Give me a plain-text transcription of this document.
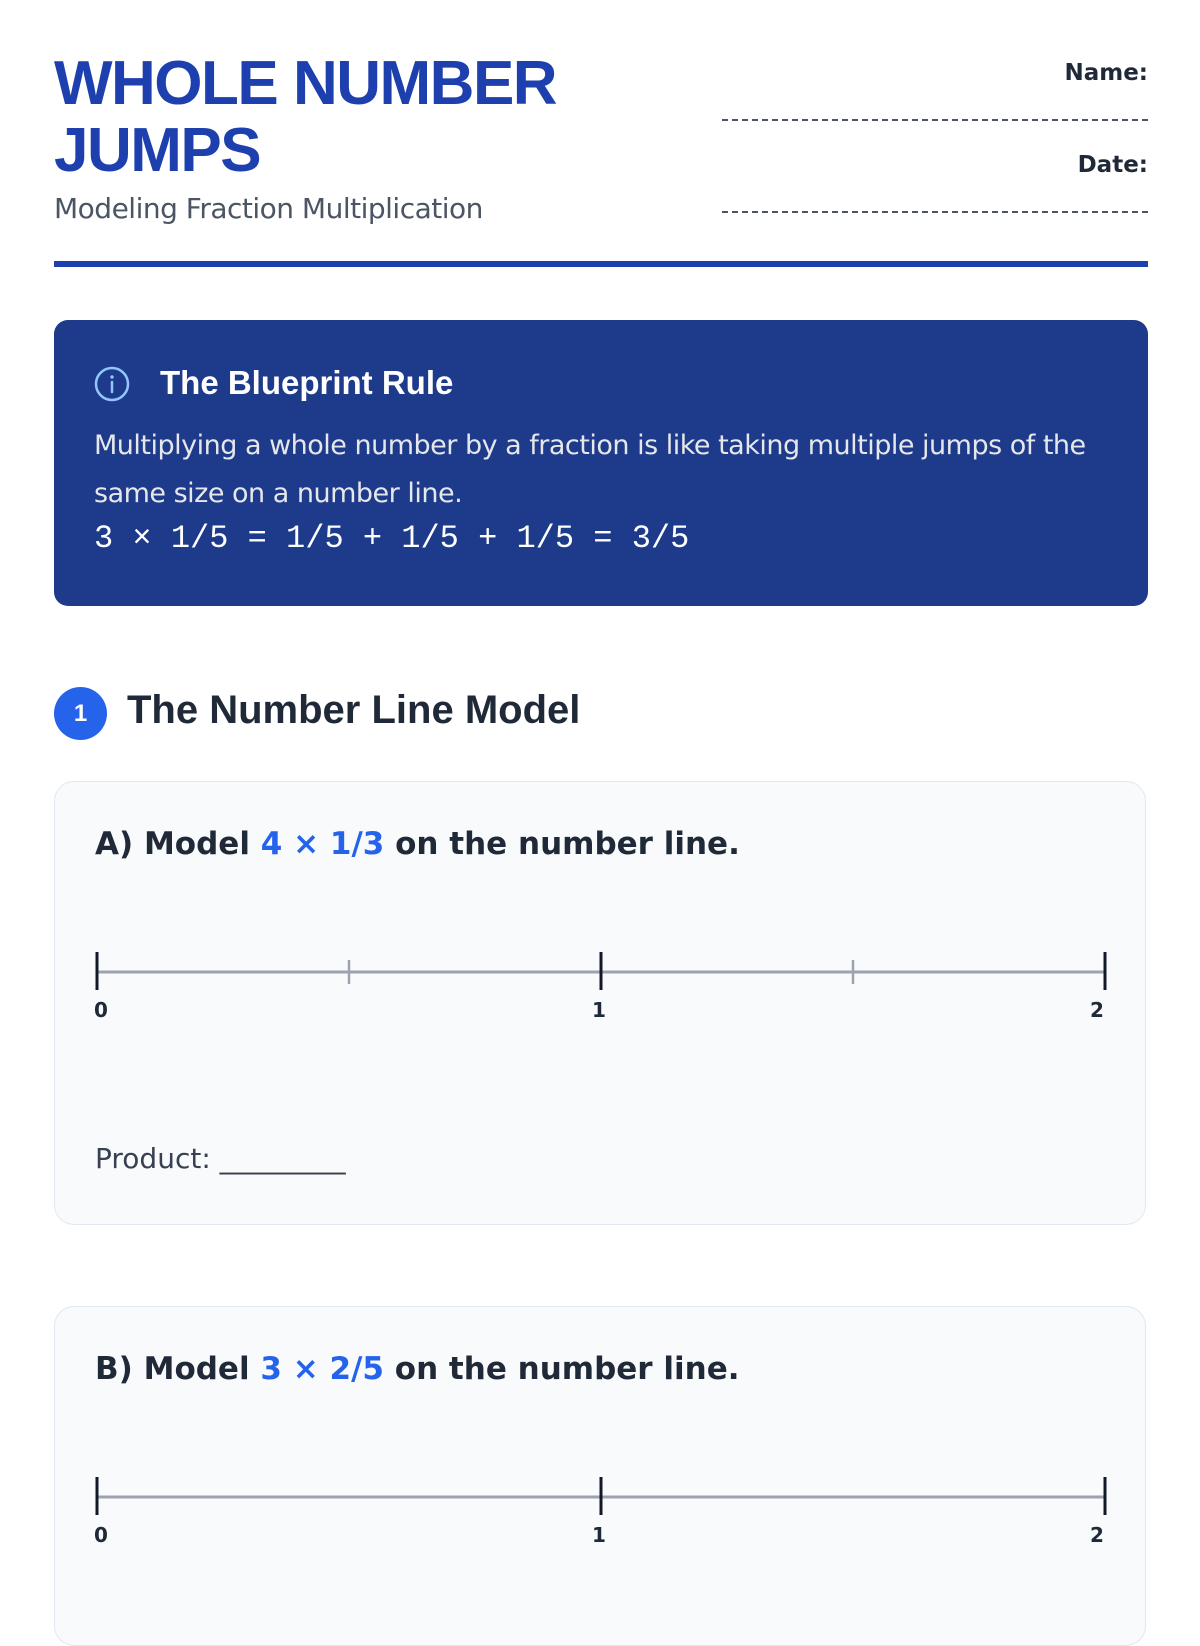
WHOLE NUMBER JUMPS
Modeling Fraction Multiplication
Name:
Date:
The Blueprint Rule
Multiplying a whole number by a fraction is like taking multiple jumps of the same size on a number line.
3 × 1/5 = 1/5 + 1/5 + 1/5 = 3/5
1 The Number Line Model
A) Model 4 × 1/3 on the number line.
0	1	2
Product: _________
B) Model 3 × 2/5 on the number line.
0	1	2
